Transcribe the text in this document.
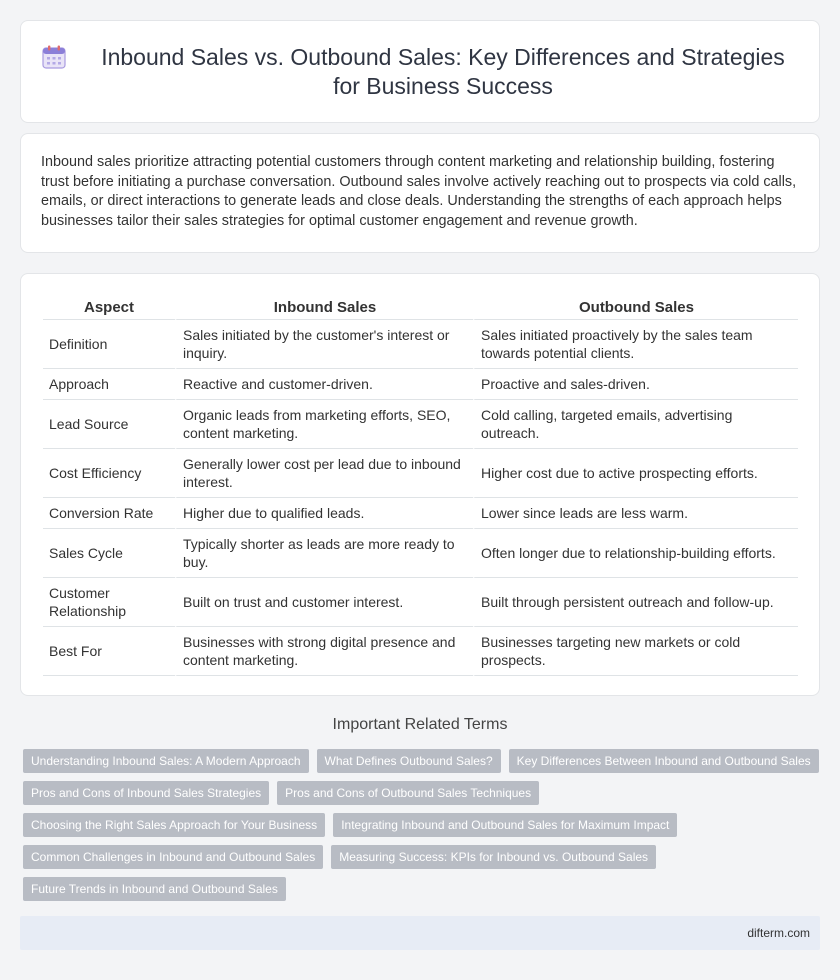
Inbound Sales vs. Outbound Sales: Key Differences and Strategies for Business Success

Inbound sales prioritize attracting potential customers through content marketing and relationship building, fostering trust before initiating a purchase conversation. Outbound sales involve actively reaching out to prospects via cold calls, emails, or direct interactions to generate leads and close deals. Understanding the strengths of each approach helps businesses tailor their sales strategies for optimal customer engagement and revenue growth.

Aspect	Inbound Sales	Outbound Sales
Definition	Sales initiated by the customer's interest or inquiry.	Sales initiated proactively by the sales team towards potential clients.
Approach	Reactive and customer-driven.	Proactive and sales-driven.
Lead Source	Organic leads from marketing efforts, SEO, content marketing.	Cold calling, targeted emails, advertising outreach.
Cost Efficiency	Generally lower cost per lead due to inbound interest.	Higher cost due to active prospecting efforts.
Conversion Rate	Higher due to qualified leads.	Lower since leads are less warm.
Sales Cycle	Typically shorter as leads are more ready to buy.	Often longer due to relationship-building efforts.
Customer Relationship	Built on trust and customer interest.	Built through persistent outreach and follow-up.
Best For	Businesses with strong digital presence and content marketing.	Businesses targeting new markets or cold prospects.
Important Related Terms
Understanding Inbound Sales: A Modern Approach	What Defines Outbound Sales?	Key Differences Between Inbound and Outbound Sales
Pros and Cons of Inbound Sales Strategies	Pros and Cons of Outbound Sales Techniques
Choosing the Right Sales Approach for Your Business	Integrating Inbound and Outbound Sales for Maximum Impact
Common Challenges in Inbound and Outbound Sales	Measuring Success: KPIs for Inbound vs. Outbound Sales
Future Trends in Inbound and Outbound Sales
difterm.com
